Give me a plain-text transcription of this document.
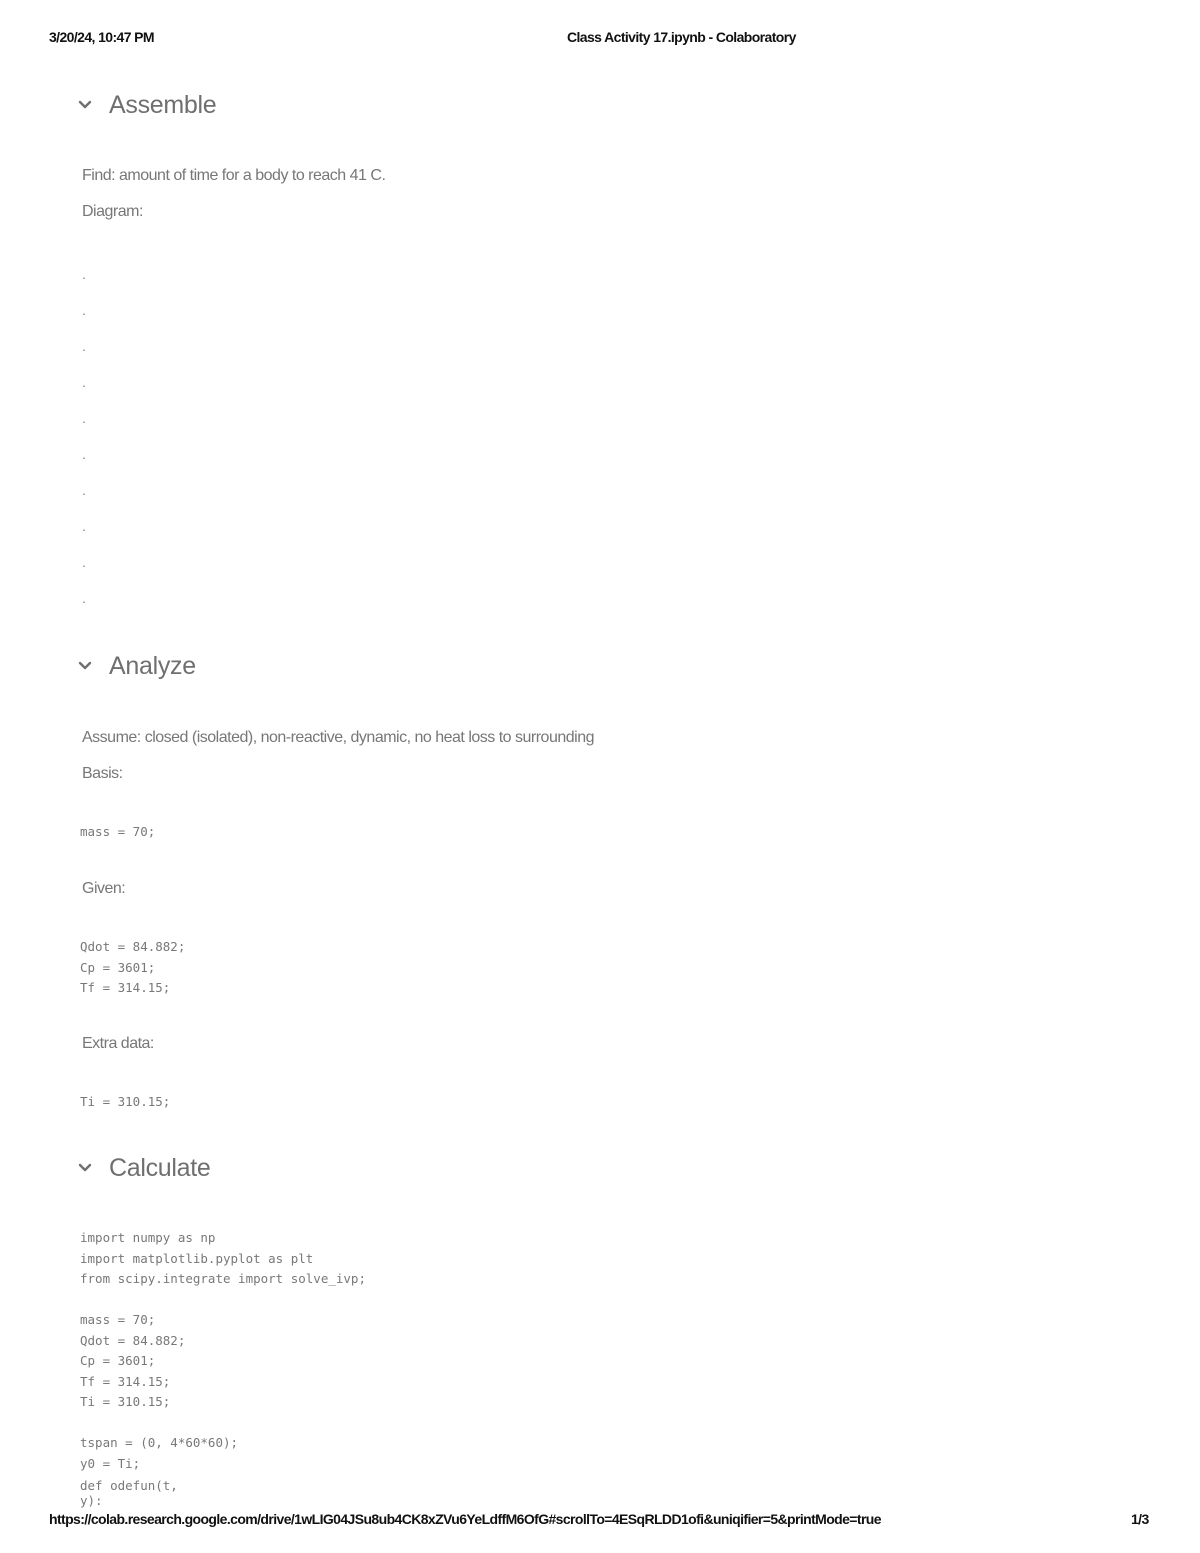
3/20/24, 10:47 PM	Class Activity 17.ipynb - Colaboratory
Assemble
Find: amount of time for a body to reach 41 C.
Diagram:
.
.
.
.
.
.
.
.
.
.
Analyze
Assume: closed (isolated), non-reactive, dynamic, no heat loss to surrounding
Basis:
mass = 70;
Given:
Qdot = 84.882;
Cp = 3601;
Tf = 314.15;
Extra data:
Ti = 310.15;
Calculate
import numpy as np
import matplotlib.pyplot as plt
from scipy.integrate import solve_ivp;

mass = 70;
Qdot = 84.882;
Cp = 3601;
Tf = 314.15;
Ti = 310.15;

tspan = (0, 4*60*60);
y0 = Ti;
def odefun(t, y):
https://colab.research.google.com/drive/1wLIG04JSu8ub4CK8xZVu6YeLdffM6OfG#scrollTo=4ESqRLDD1ofi&uniqifier=5&printMode=true	1/3
